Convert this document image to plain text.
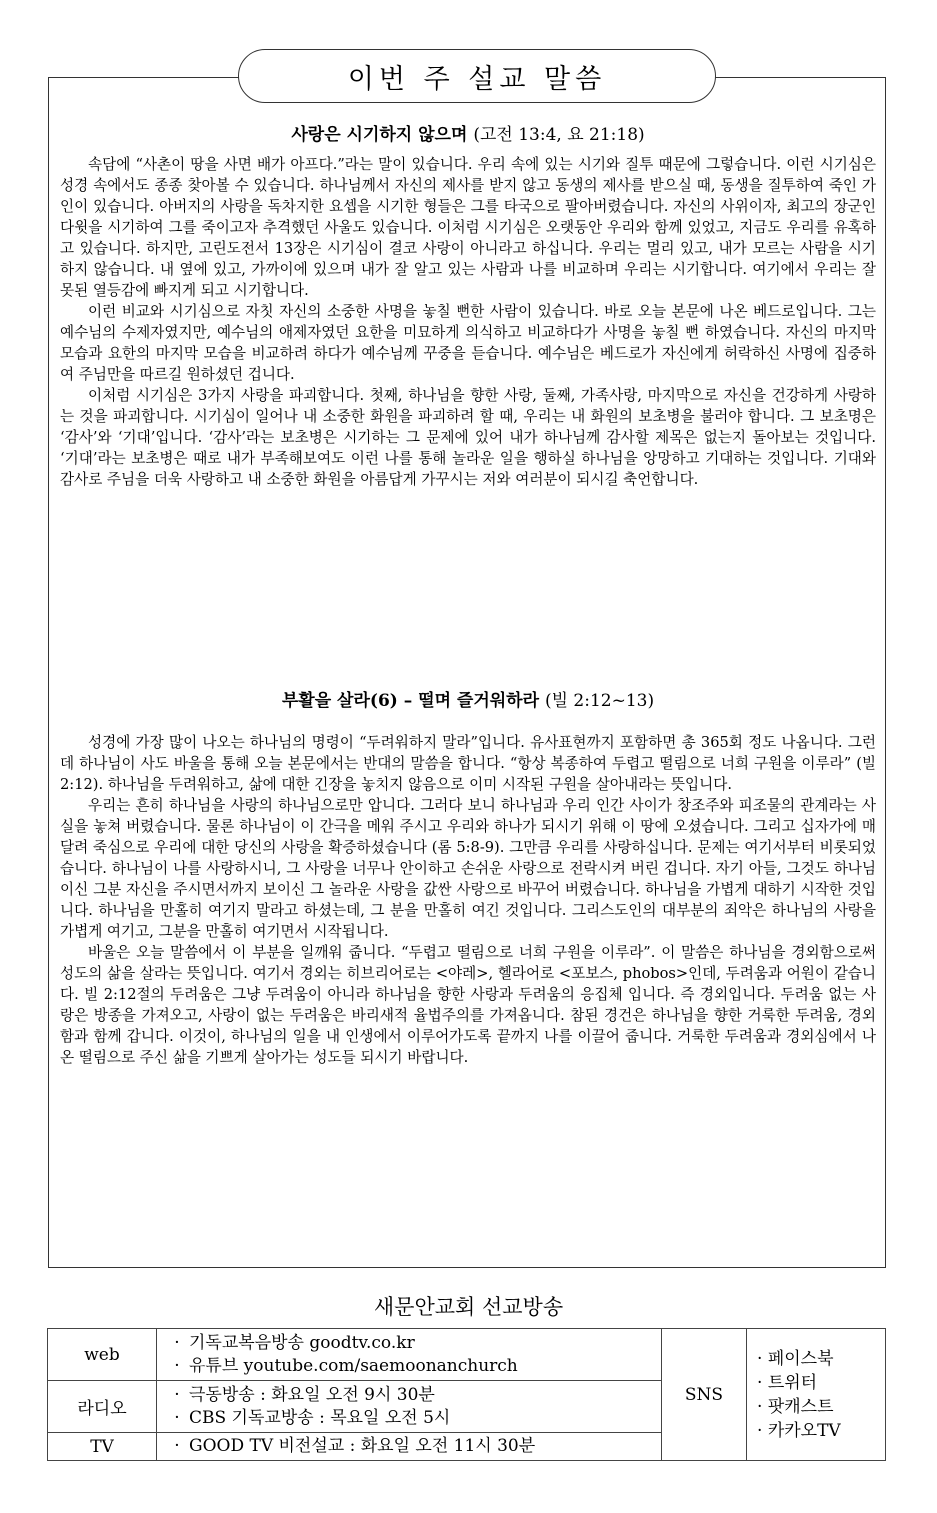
이번 주 설교 말씀
사랑은 시기하지 않으며 (고전 13:4, 요 21:18)

속담에 “사촌이 땅을 사면 배가 아프다.”라는 말이 있습니다. 우리 속에 있는 시기와 질투 때문에 그렇습니다. 이런 시기심은 성경 속에서도 종종 찾아볼 수 있습니다. 하나님께서 자신의 제사를 받지 않고 동생의 제사를 받으실 때, 동생을 질투하여 죽인 가인이 있습니다. 아버지의 사랑을 독차지한 요셉을 시기한 형들은 그를 타국으로 팔아버렸습니다. 자신의 사위이자, 최고의 장군인 다윗을 시기하여 그를 죽이고자 추격했던 사울도 있습니다. 이처럼 시기심은 오랫동안 우리와 함께 있었고, 지금도 우리를 유혹하고 있습니다. 하지만, 고린도전서 13장은 시기심이 결코 사랑이 아니라고 하십니다. 우리는 멀리 있고, 내가 모르는 사람을 시기하지 않습니다. 내 옆에 있고, 가까이에 있으며 내가 잘 알고 있는 사람과 나를 비교하며 우리는 시기합니다. 여기에서 우리는 잘못된 열등감에 빠지게 되고 시기합니다.

이런 비교와 시기심으로 자칫 자신의 소중한 사명을 놓칠 뻔한 사람이 있습니다. 바로 오늘 본문에 나온 베드로입니다. 그는 예수님의 수제자였지만, 예수님의 애제자였던 요한을 미묘하게 의식하고 비교하다가 사명을 놓칠 뻔 하였습니다. 자신의 마지막 모습과 요한의 마지막 모습을 비교하려 하다가 예수님께 꾸중을 듣습니다. 예수님은 베드로가 자신에게 허락하신 사명에 집중하여 주님만을 따르길 원하셨던 겁니다.

이처럼 시기심은 3가지 사랑을 파괴합니다. 첫째, 하나님을 향한 사랑, 둘째, 가족사랑, 마지막으로 자신을 건강하게 사랑하는 것을 파괴합니다. 시기심이 일어나 내 소중한 화원을 파괴하려 할 때, 우리는 내 화원의 보초병을 불러야 합니다. 그 보초명은 ‘감사’와 ‘기대’입니다. ‘감사’라는 보초병은 시기하는 그 문제에 있어 내가 하나님께 감사할 제목은 없는지 돌아보는 것입니다. ‘기대’라는 보초병은 때로 내가 부족해보여도 이런 나를 통해 놀라운 일을 행하실 하나님을 앙망하고 기대하는 것입니다. 기대와 감사로 주님을 더욱 사랑하고 내 소중한 화원을 아름답게 가꾸시는 저와 여러분이 되시길 축언합니다.

부활을 살라(6) – 떨며 즐거워하라 (빌 2:12~13)

성경에 가장 많이 나오는 하나님의 명령이 “두려워하지 말라”입니다. 유사표현까지 포함하면 총 365회 정도 나옵니다. 그런데 하나님이 사도 바울을 통해 오늘 본문에서는 반대의 말씀을 합니다. “항상 복종하여 두렵고 떨림으로 너희 구원을 이루라” (빌 2:12). 하나님을 두려워하고, 삶에 대한 긴장을 놓치지 않음으로 이미 시작된 구원을 살아내라는 뜻입니다.

우리는 흔히 하나님을 사랑의 하나님으로만 압니다. 그러다 보니 하나님과 우리 인간 사이가 창조주와 피조물의 관계라는 사실을 놓쳐 버렸습니다. 물론 하나님이 이 간극을 메워 주시고 우리와 하나가 되시기 위해 이 땅에 오셨습니다. 그리고 십자가에 매달려 죽심으로 우리에 대한 당신의 사랑을 확증하셨습니다 (롬 5:8-9). 그만큼 우리를 사랑하십니다. 문제는 여기서부터 비롯되었습니다. 하나님이 나를 사랑하시니, 그 사랑을 너무나 안이하고 손쉬운 사랑으로 전락시켜 버린 겁니다. 자기 아들, 그것도 하나님이신 그분 자신을 주시면서까지 보이신 그 놀라운 사랑을 값싼 사랑으로 바꾸어 버렸습니다. 하나님을 가볍게 대하기 시작한 것입니다. 하나님을 만홀히 여기지 말라고 하셨는데, 그 분을 만홀히 여긴 것입니다. 그리스도인의 대부분의 죄악은 하나님의 사랑을 가볍게 여기고, 그분을 만홀히 여기면서 시작됩니다.

바울은 오늘 말씀에서 이 부분을 일깨워 줍니다. “두렵고 떨림으로 너희 구원을 이루라”. 이 말씀은 하나님을 경외함으로써 성도의 삶을 살라는 뜻입니다. 여기서 경외는 히브리어로는 <야레>, 헬라어로 <포보스, phobos>인데, 두려움과 어원이 같습니다. 빌 2:12절의 두려움은 그냥 두려움이 아니라 하나님을 향한 사랑과 두려움의 응집체 입니다. 즉 경외입니다. 두려움 없는 사랑은 방종을 가져오고, 사랑이 없는 두려움은 바리새적 율법주의를 가져옵니다. 참된 경건은 하나님을 향한 거룩한 두려움, 경외함과 함께 갑니다. 이것이, 하나님의 일을 내 인생에서 이루어가도록 끝까지 나를 이끌어 줍니다. 거룩한 두려움과 경외심에서 나온 떨림으로 주신 삶을 기쁘게 살아가는 성도들 되시기 바랍니다.

새문안교회 선교방송
web	· 기독교복음방송 goodtv.co.kr
· 유튜브 youtube.com/saemoonanchurch	SNS	· 페이스북
· 트위터
· 팟캐스트
· 카카오TV

라디오	· 극동방송 : 화요일 오전 9시 30분
· CBS 기독교방송 : 목요일 오전 5시		

TV	· GOOD TV 비전설교 : 화요일 오전 11시 30분		
